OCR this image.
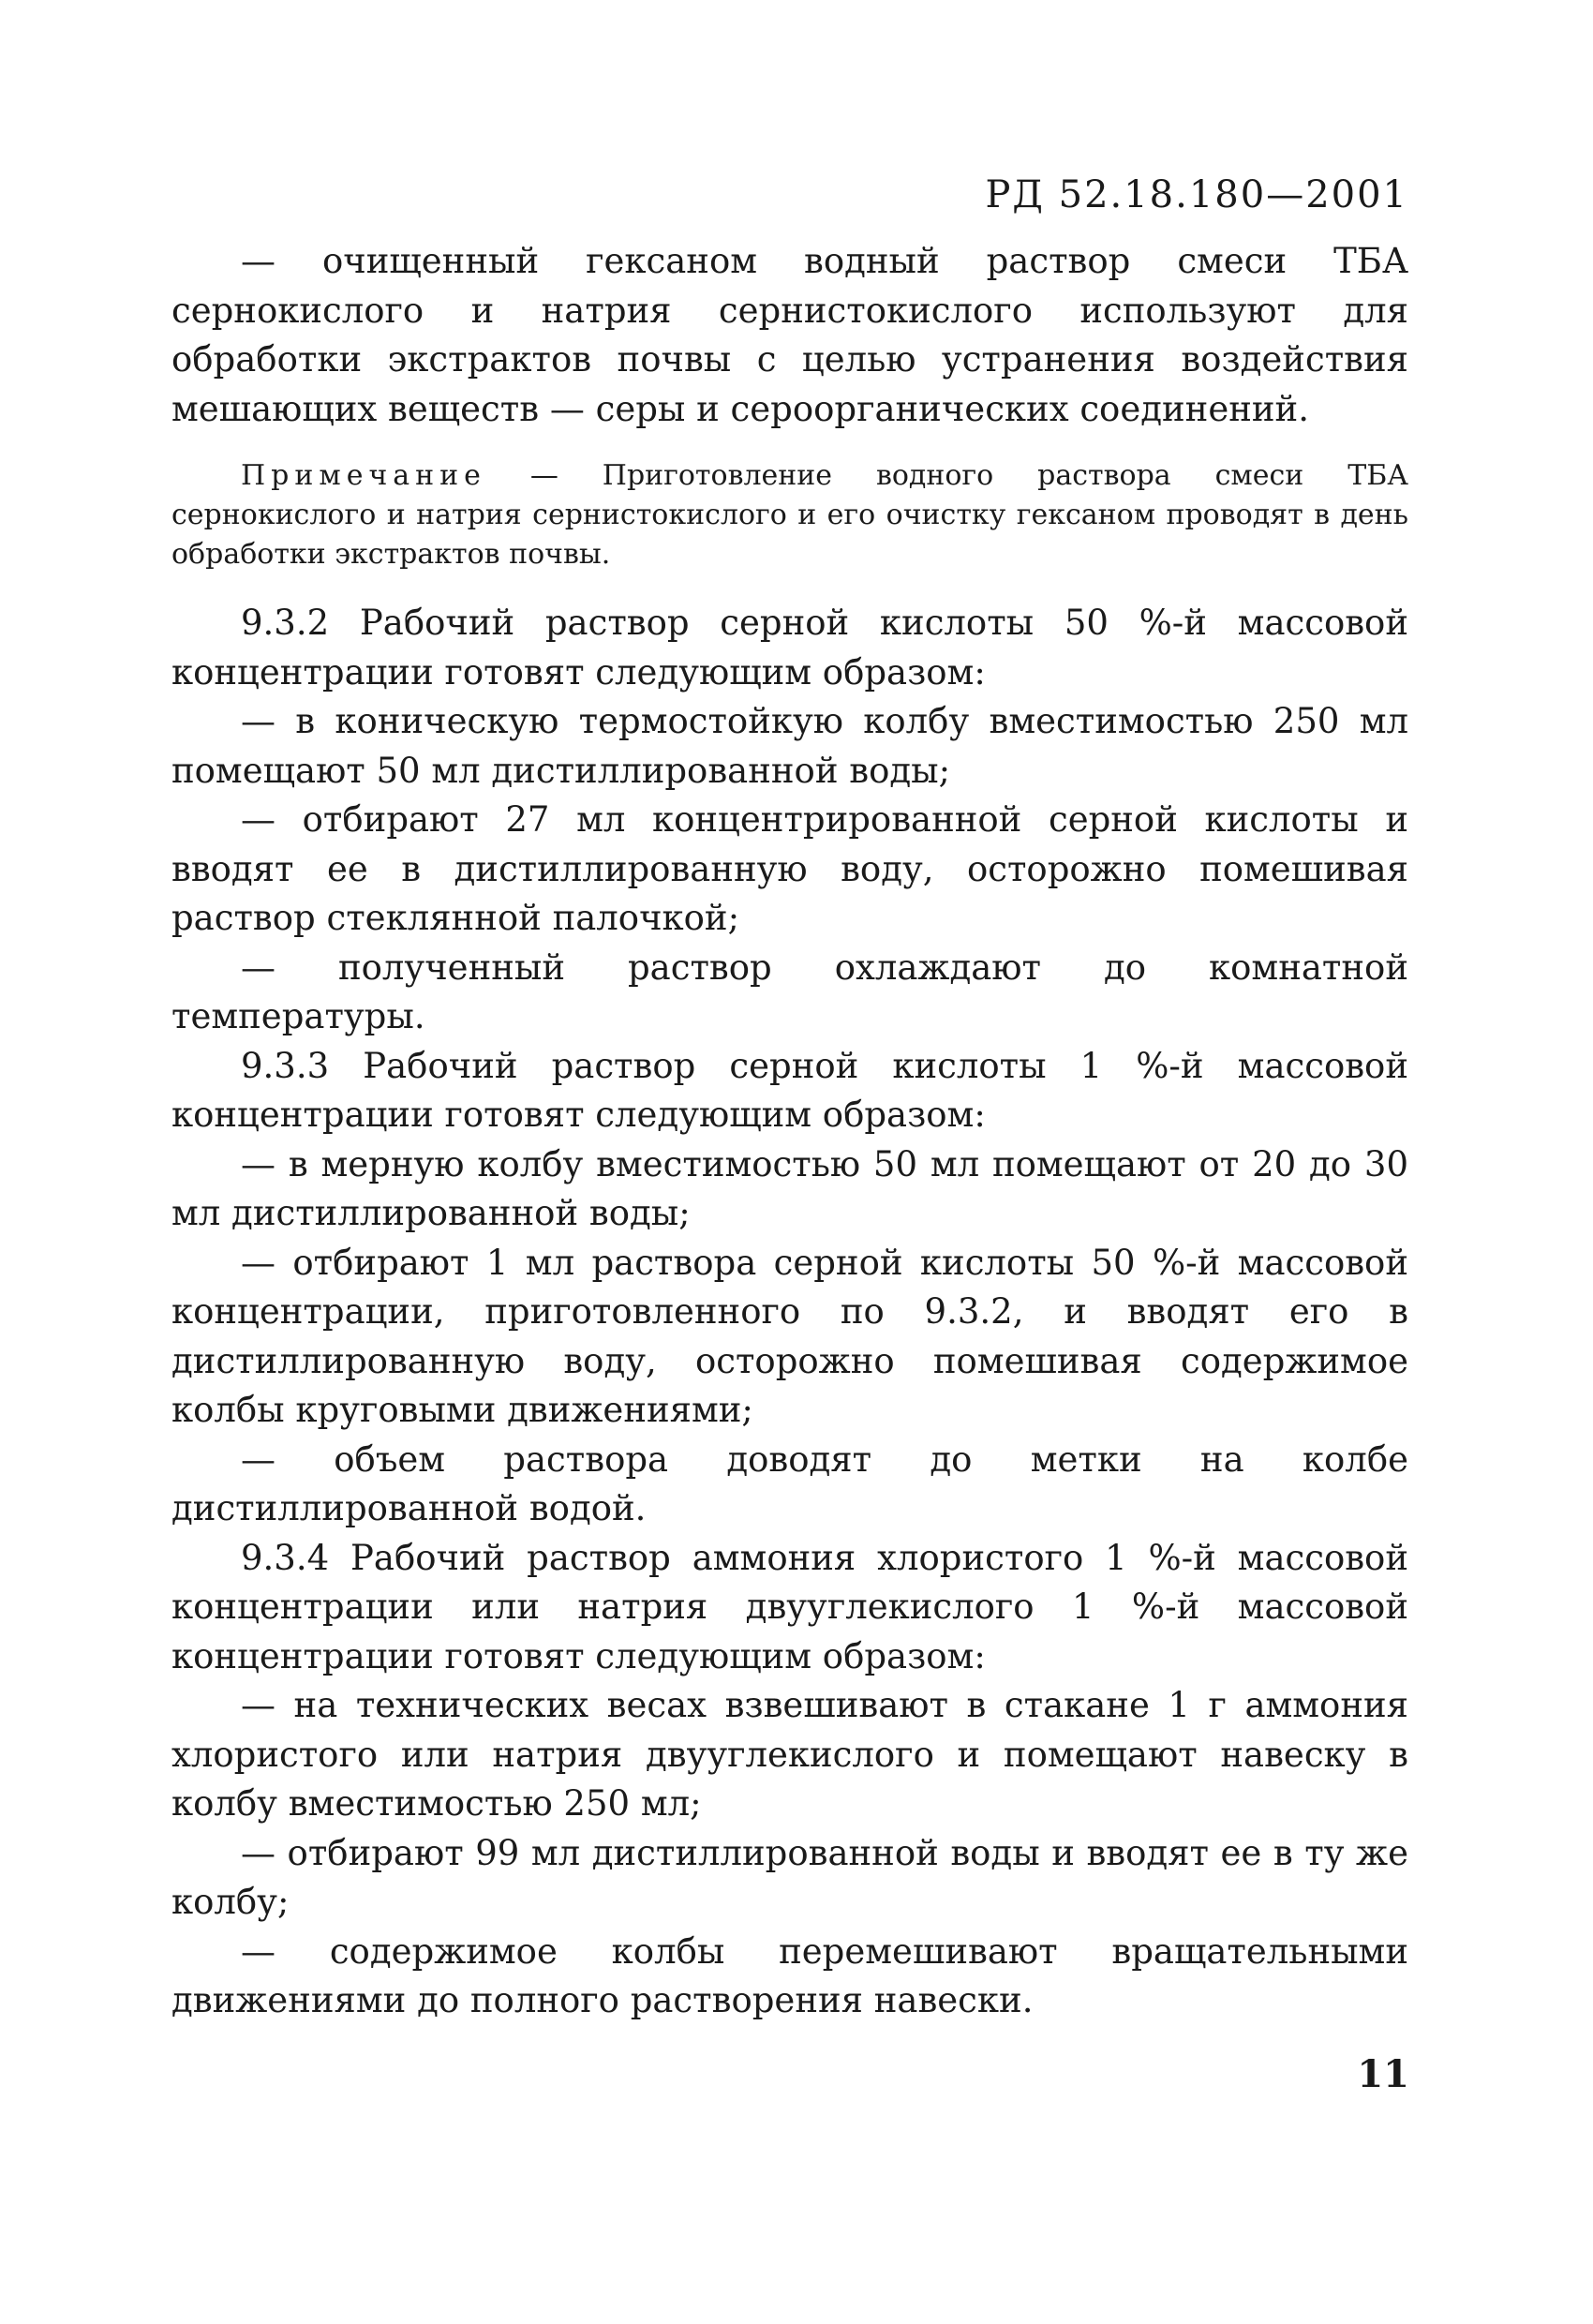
РД 52.18.180—2001

— очищенный гексаном водный раствор смеси ТБА сернокислого и натрия сернистокислого используют для обработки экстрактов почвы с целью устранения воздействия мешающих веществ — серы и сероорганических соединений.

Примечание — Приготовление водного раствора смеси ТБА сернокислого и натрия сернистокислого и его очистку гексаном проводят в день обработки экстрактов почвы.

9.3.2 Рабочий раствор серной кислоты 50 %-й массовой концентрации готовят следующим образом:

— в коническую термостойкую колбу вместимостью 250 мл помещают 50 мл дистиллированной воды;

— отбирают 27 мл концентрированной серной кислоты и вводят ее в дистиллированную воду, осторожно помешивая раствор стеклянной палочкой;

— полученный раствор охлаждают до комнатной температуры.

9.3.3 Рабочий раствор серной кислоты 1 %-й массовой концентрации готовят следующим образом:

— в мерную колбу вместимостью 50 мл помещают от 20 до 30 мл дистиллированной воды;

— отбирают 1 мл раствора серной кислоты 50 %-й массовой концентрации, приготовленного по 9.3.2, и вводят его в дистиллированную воду, осторожно помешивая содержимое колбы круговыми движениями;

— объем раствора доводят до метки на колбе дистиллированной водой.

9.3.4 Рабочий раствор аммония хлористого 1 %-й массовой концентрации или натрия двууглекислого 1 %-й массовой концентрации готовят следующим образом:

— на технических весах взвешивают в стакане 1 г аммония хлористого или натрия двууглекислого и помещают навеску в колбу вместимостью 250 мл;

— отбирают 99 мл дистиллированной воды и вводят ее в ту же колбу;

— содержимое колбы перемешивают вращательными движениями до полного растворения навески.

11
